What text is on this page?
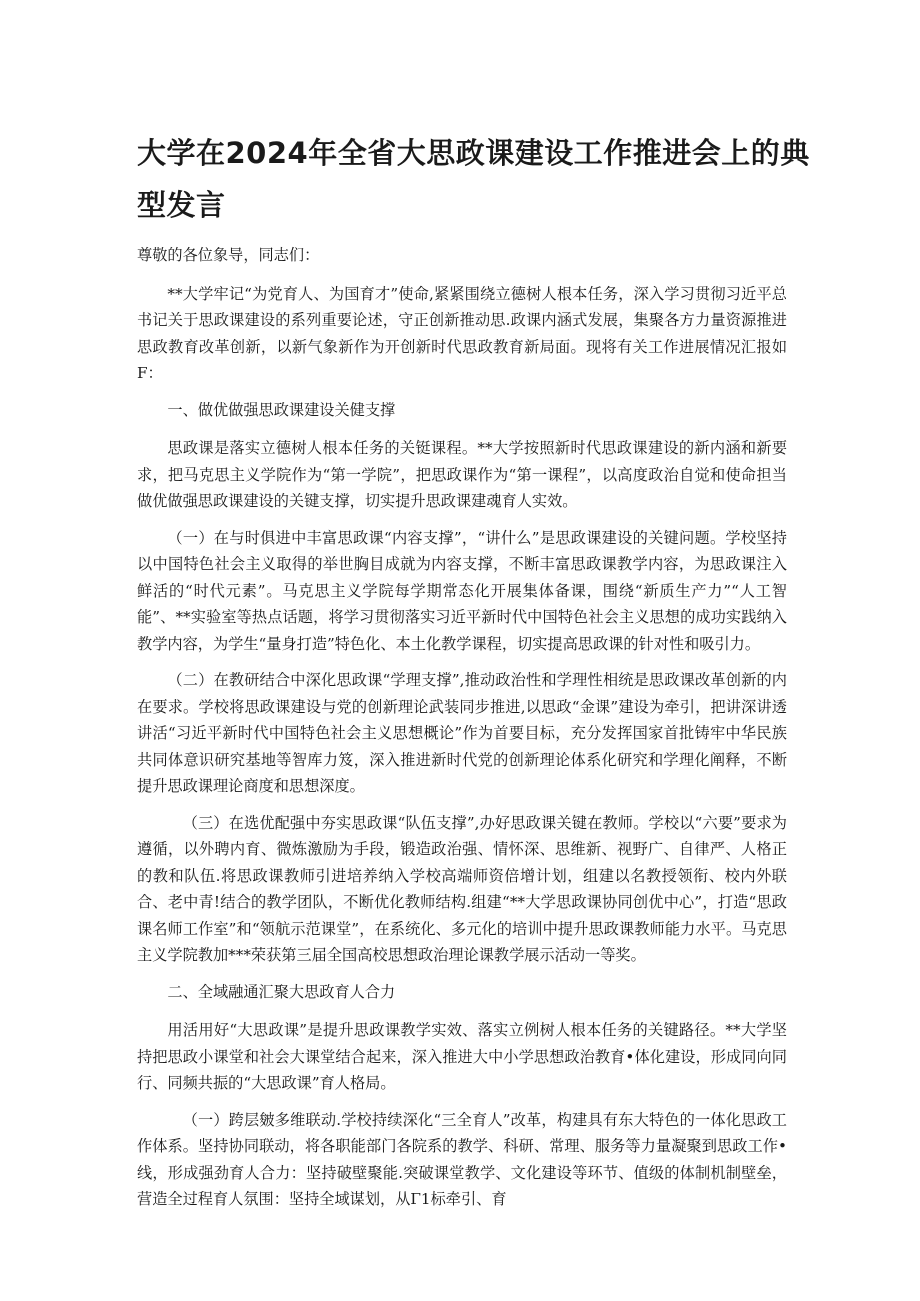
大学在2024年全省大思政课建设工作推进会上的典
型发言

尊敬的各位象导，同志们：

**大学牢记“为党育人、为国育才”使命,紧紧围绕立德树人根本任务，深入学习贯彻习近平总书记关于思政课建设的系列重要论述，守正创新推动思.政课内涵式发展，集聚各方力量资源推进思政教育改革创新，以新气象新作为开创新时代思政教育新局面。现将有关工作进展情况汇报如F：

一、做优做强思政课建设关健支撑

思政课是落实立德树人根本任务的关铤课程。**大学按照新时代思政课建设的新内涵和新要求，把马克思主义学院作为“第一学院”，把思政课作为“第一课程”，以高度政治自觉和使命担当做优做强思政课建设的关键支撑，切实提升思政课建魂育人实效。

（一）在与时俱进中丰富思政课“内容支撑”，“讲什么”是思政课建设的关键问题。学校坚持以中国特色社会主义取得的举世胸目成就为内容支撑，不断丰富思政课教学内容，为思政课注入鲜活的“时代元素”。马克思主义学院每学期常态化开展集体备课，围绕“新质生产力”“人工智能”、**实验室等热点话题，将学习贯彻落实习近平新时代中国特色社会主义思想的成功实践纳入教学内容，为学生“量身打造”特色化、本土化教学课程，切实提高思政课的针对性和吸引力。

（二）在教研结合中深化思政课“学理支撑”,推动政治性和学理性相统是思政课改革创新的内在要求。学校将思政课建设与党的创新理论武装同步推进,以思政“金课”建设为牵引，把讲深讲透讲活“习近平新时代中国特色社会主义思想概论”作为首要目标，充分发挥国家首批铸牢中华民族共同体意识研究基地等智库力笈，深入推进新时代党的创新理论体系化研究和学理化阐释，不断提升思政课理论商度和思想深度。

（三）在选优配强中夯实思政课“队伍支撑”,办好思政课关键在教师。学校以“六要”要求为遵循，以外聘内育、微炼激励为手段，锻造政治强、情怀深、思维新、视野广、自律严、人格正的教和队伍.将思政课教师引进培养纳入学校高端师资倍增计划，组建以名教授领衔、校内外联合、老中青!结合的教学团队，不断优化教师结构.组建“**大学思政课协同创优中心”，打造“思政课名师工作室”和“领航示范课堂”，在系统化、多元化的培训中提升思政课教师能力水平。马克思主义学院教加***荣获第三届全国高校思想政治理论课教学展示活动一等奖。

二、全域融通汇聚大思政育人合力

用活用好“大思政课”是提升思政课教学实效、落实立例树人根本任务的关键路径。**大学坚持把思政小课堂和社会大课堂结合起来，深入推进大中小学思想政治教育•体化建设，形成同向同行、同频共振的“大思政课”育人格局。

（一）跨层皴多维联动.学校持续深化“三全育人”改革，构建具有东大特色的一体化思政工作体系。坚持协同联动，将各职能部门各院系的教学、科研、常理、服务等力量凝聚到思政工作•线，形成强劲育人合力：坚持破壁聚能.突破课堂教学、文化建设等环节、值级的体制机制壁垒，营造全过程育人氛围：坚持全域谋划，从Γ1标牵引、育
